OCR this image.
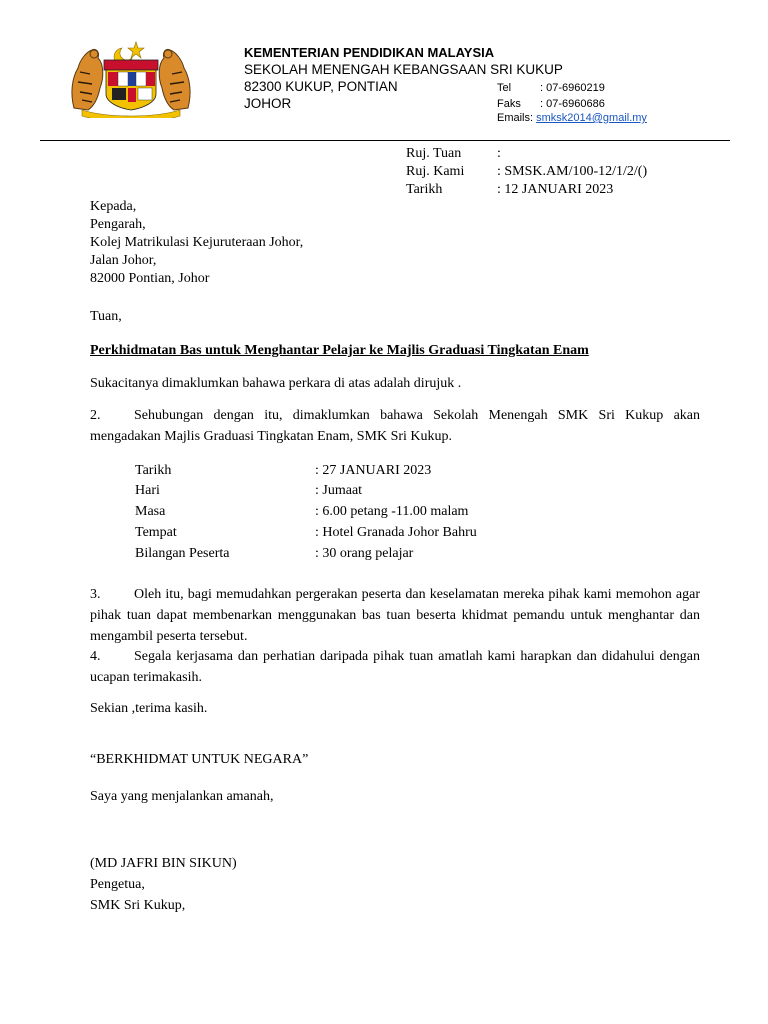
KEMENTERIAN PENDIDIKAN MALAYSIA
SEKOLAH MENENGAH KEBANGSAAN SRI KUKUP
82300 KUKUP, PONTIAN
JOHOR
Tel	: 07-6960219
Faks : 07-6960686
Emails: smksk2014@gmail.my
Ruj. Tuan	:
Ruj. Kami : SMSK.AM/100-12/1/2/()
Tarikh	: 12 JANUARI 2023
Kepada,
Pengarah,
Kolej Matrikulasi Kejuruteraan Johor,
Jalan Johor,
82000 Pontian, Johor
Tuan,
Perkhidmatan Bas untuk Menghantar Pelajar ke Majlis Graduasi Tingkatan Enam
Sukacitanya dimaklumkan bahawa perkara di atas adalah dirujuk .
2. Sehubungan dengan itu, dimaklumkan bahawa Sekolah Menengah SMK Sri Kukup akan mengadakan Majlis Graduasi Tingkatan Enam, SMK Sri Kukup.
Tarikh	: 27 JANUARI 2023
Hari	: Jumaat
Masa	: 6.00 petang -11.00 malam
Tempat	: Hotel Granada Johor Bahru
Bilangan Peserta	: 30 orang pelajar
3. Oleh itu, bagi memudahkan pergerakan peserta dan keselamatan mereka pihak kami memohon agar pihak tuan dapat membenarkan menggunakan bas tuan beserta khidmat pemandu untuk menghantar dan mengambil peserta tersebut.
4. Segala kerjasama dan perhatian daripada pihak tuan amatlah kami harapkan dan didahului dengan ucapan terimakasih.
Sekian ,terima kasih.
“BERKHIDMAT UNTUK NEGARA”
Saya yang menjalankan amanah,
(MD JAFRI BIN SIKUN)
Pengetua,
SMK Sri Kukup,
